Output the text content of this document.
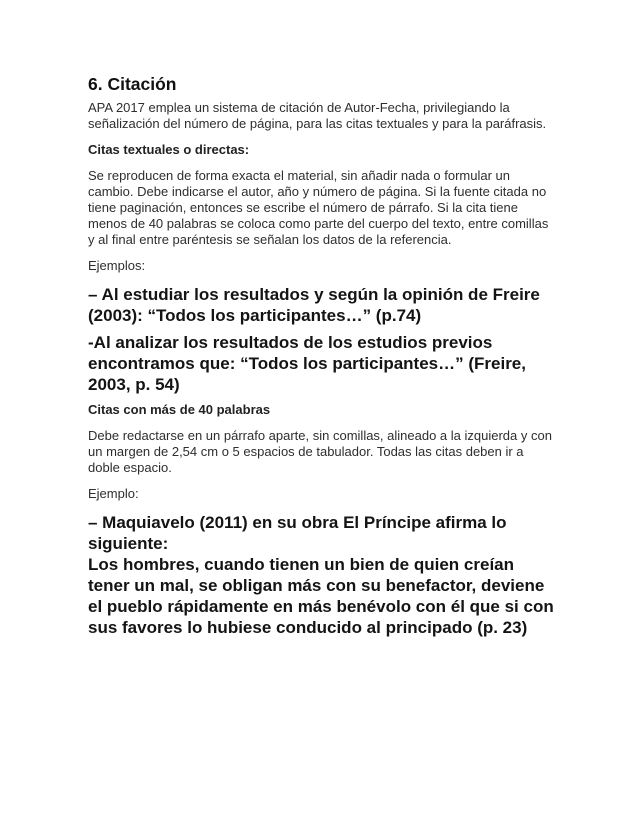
6. Citación

APA 2017 emplea un sistema de citación de Autor-Fecha, privilegiando la señalización del número de página, para las citas textuales y para la paráfrasis.

Citas textuales o directas:

Se reproducen de forma exacta el material, sin añadir nada o formular un cambio. Debe indicarse el autor, año y número de página. Si la fuente citada no tiene paginación, entonces se escribe el número de párrafo. Si la cita tiene menos de 40 palabras se coloca como parte del cuerpo del texto, entre comillas y al final entre paréntesis se señalan los datos de la referencia.

Ejemplos:

– Al estudiar los resultados y según la opinión de Freire (2003): “Todos los participantes…” (p.74)

-Al analizar los resultados de los estudios previos encontramos que: “Todos los participantes…” (Freire, 2003, p. 54)

Citas con más de 40 palabras

Debe redactarse en un párrafo aparte, sin comillas, alineado a la izquierda y con un margen de 2,54 cm o 5 espacios de tabulador. Todas las citas deben ir a doble espacio.

Ejemplo:

– Maquiavelo (2011) en su obra El Príncipe afirma lo siguiente:

Los hombres, cuando tienen un bien de quien creían tener un mal, se obligan más con su benefactor, deviene el pueblo rápidamente en más benévolo con él que si con sus favores lo hubiese conducido al principado (p. 23)
